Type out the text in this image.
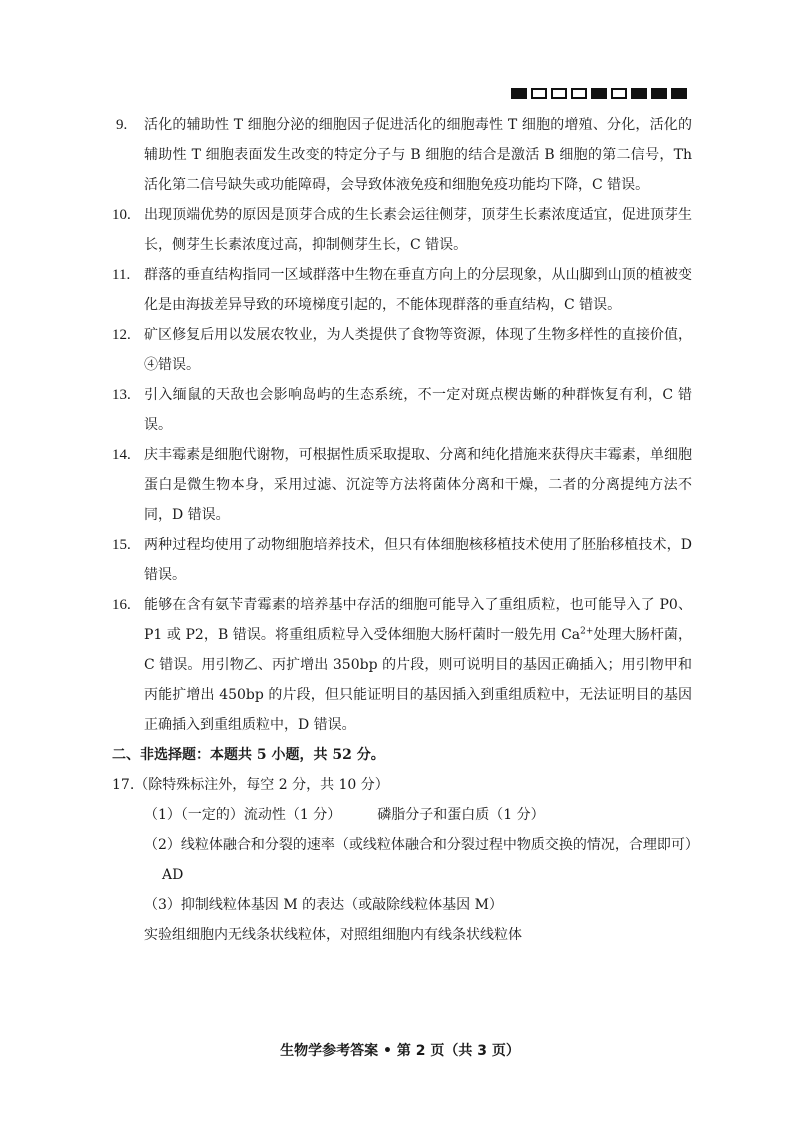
9.	活化的辅助性 T 细胞分泌的细胞因子促进活化的细胞毒性 T 细胞的增殖、分化，活化的辅助性 T 细胞表面发生改变的特定分子与 B 细胞的结合是激活 B 细胞的第二信号，Th 活化第二信号缺失或功能障碍，会导致体液免疫和细胞免疫功能均下降，C 错误。
10. 出现顶端优势的原因是顶芽合成的生长素会运往侧芽，顶芽生长素浓度适宜，促进顶芽生长，侧芽生长素浓度过高，抑制侧芽生长，C 错误。
11. 群落的垂直结构指同一区域群落中生物在垂直方向上的分层现象，从山脚到山顶的植被变化是由海拔差异导致的环境梯度引起的，不能体现群落的垂直结构，C 错误。
12. 矿区修复后用以发展农牧业，为人类提供了食物等资源，体现了生物多样性的直接价值，④错误。
13. 引入缅鼠的天敌也会影响岛屿的生态系统，不一定对斑点楔齿蜥的种群恢复有利，C 错误。
14. 庆丰霉素是细胞代谢物，可根据性质采取提取、分离和纯化措施来获得庆丰霉素，单细胞蛋白是微生物本身，采用过滤、沉淀等方法将菌体分离和干燥，二者的分离提纯方法不同，D 错误。
15. 两种过程均使用了动物细胞培养技术，但只有体细胞核移植技术使用了胚胎移植技术，D 错误。
16. 能够在含有氨苄青霉素的培养基中存活的细胞可能导入了重组质粒，也可能导入了 P0、P1 或 P2，B 错误。将重组质粒导入受体细胞大肠杆菌时一般先用 $Ca^{2+}$处理大肠杆菌，C 错误。用引物乙、丙扩增出 350bp 的片段，则可说明目的基因正确插入；用引物甲和丙能扩增出 450bp 的片段，但只能证明目的基因插入到重组质粒中，无法证明目的基因正确插入到重组质粒中，D 错误。
二、非选择题：本题共 5 小题，共 52 分。
17.（除特殊标注外，每空 2 分，共 10 分）
（1）（一定的）流动性（1 分）	磷脂分子和蛋白质（1 分）
（2）线粒体融合和分裂的速率（或线粒体融合和分裂过程中物质交换的情况，合理即可）
AD
（3）抑制线粒体基因 M 的表达（或敲除线粒体基因 M）
实验组细胞内无线条状线粒体，对照组细胞内有线条状线粒体
生物学参考答案 • 第 2 页（共 3 页）
